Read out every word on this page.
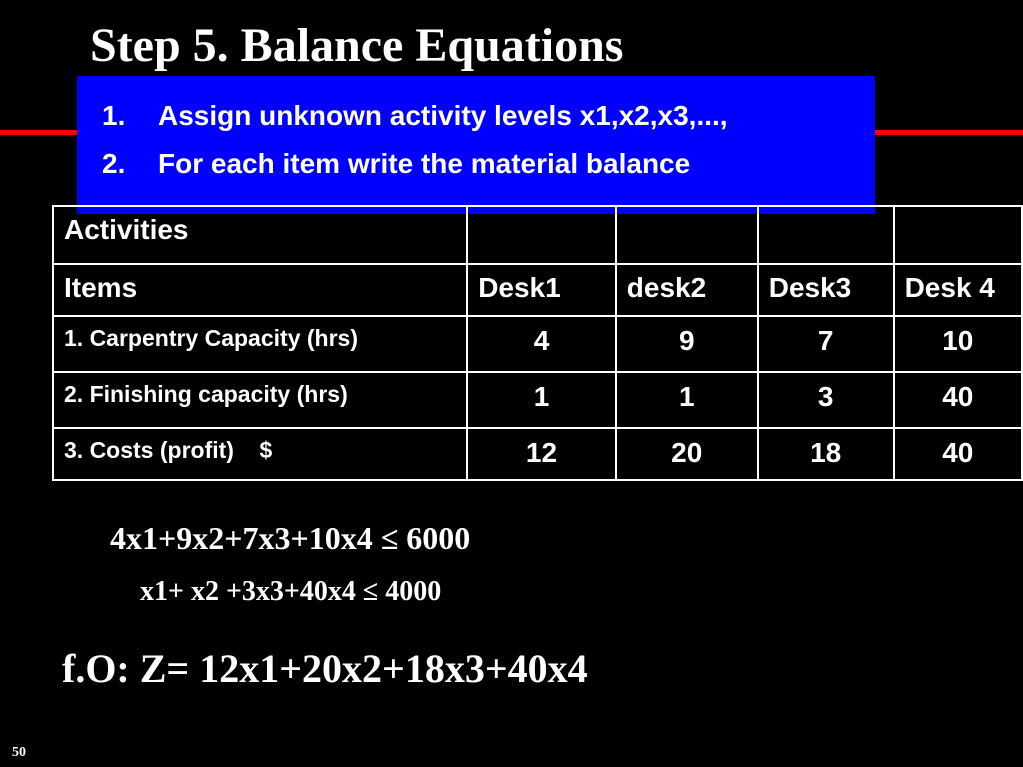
Step 5. Balance Equations
1. Assign unknown activity levels x1,x2,x3,...,
2. For each item write the material balance
Activities				
Items	Desk1	desk2	Desk3	Desk 4
1. Carpentry Capacity (hrs)	4	9	7	10
2. Finishing capacity (hrs)	1	1	3	40
3. Costs (profit)    $	12	20	18	40
4x1+9x2+7x3+10x4 ≤ 6000
x1+ x2 +3x3+40x4 ≤ 4000
f.O: Z= 12x1+20x2+18x3+40x4
50
